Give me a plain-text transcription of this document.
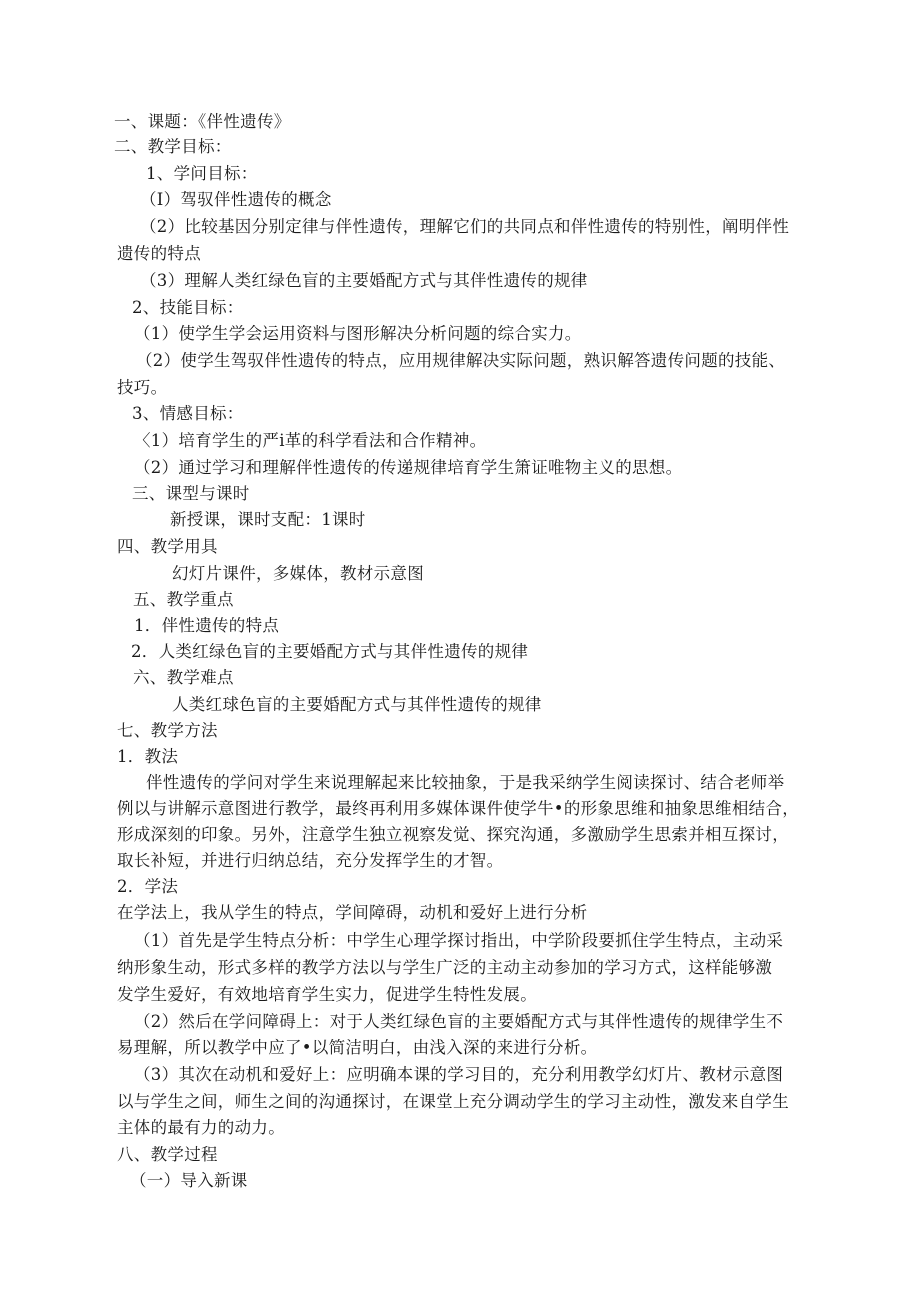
一、课题：《伴性遗传》
二、教学目标：
1、学问目标：
（I）驾驭伴性遗传的概念
（2）比较基因分别定律与伴性遗传，理解它们的共同点和伴性遗传的特别性，阐明伴性
遗传的特点
（3）理解人类红绿色盲的主要婚配方式与其伴性遗传的规律
2、技能目标：
（1）使学生学会运用资料与图形解决分析问题的综合实力。
（2）使学生驾驭伴性遗传的特点，应用规律解决实际问题，熟识解答遗传问题的技能、
技巧。
3、情感目标：
〈1）培育学生的严i革的科学看法和合作精神。
（2）通过学习和理解伴性遗传的传递规律培育学生箫证唯物主义的思想。
三、课型与课时
新授课，课时支配：1课时
四、教学用具
幻灯片课件，多媒体，教材示意图
五、教学重点
1．伴性遗传的特点
2．人类红绿色盲的主要婚配方式与其伴性遗传的规律
六、教学难点
人类红球色盲的主要婚配方式与其伴性遗传的规律
七、教学方法
1．教法
伴性遗传的学问对学生来说理解起来比较抽象，于是我采纳学生阅读探讨、结合老师举
例以与讲解示意图进行教学，最终再利用多媒体课件使学牛•的形象思维和抽象思维相结合，
形成深刻的印象。另外，注意学生独立视察发觉、探究沟通，多激励学生思索并相互探讨，
取长补短，并进行归纳总结，充分发挥学生的才智。
2．学法
在学法上，我从学生的特点，学间障碍，动机和爱好上进行分析
（1）首先是学生特点分析：中学生心理学探讨指出，中学阶段要抓住学生特点，主动采
纳形象生动，形式多样的教学方法以与学生广泛的主动主动参加的学习方式，这样能够激
发学生爱好，有效地培育学生实力，促进学生特性发展。
（2）然后在学问障碍上：对于人类红绿色盲的主要婚配方式与其伴性遗传的规律学生不
易理解，所以教学中应了•以简洁明白，由浅入深的来进行分析。
（3）其次在动机和爱好上：应明确本课的学习目的，充分利用教学幻灯片、教材示意图
以与学生之间，师生之间的沟通探讨，在课堂上充分调动学生的学习主动性，激发来自学生
主体的最有力的动力。
八、教学过程
（一）导入新课
